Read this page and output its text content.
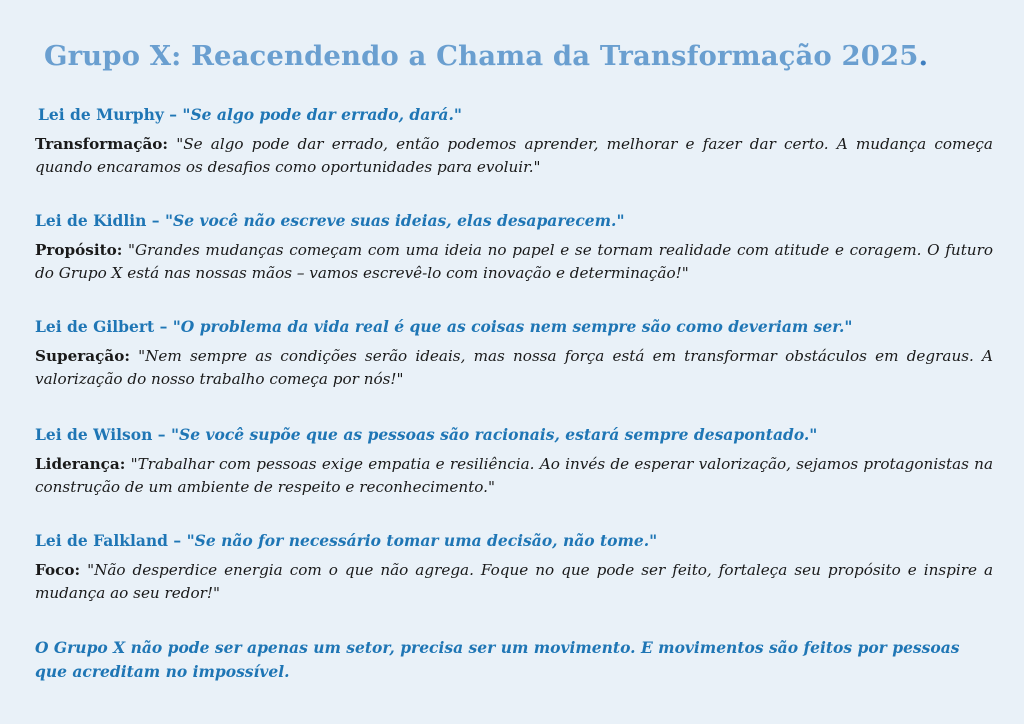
Grupo X: Reacendendo a Chama da Transformação 2025.
Lei de Murphy – "Se algo pode dar errado, dará."
Transformação: "Se algo pode dar errado, então podemos aprender, melhorar e fazer dar certo. A mudança começa quando encaramos os desafios como oportunidades para evoluir."
Lei de Kidlin – "Se você não escreve suas ideias, elas desaparecem."
Propósito: "Grandes mudanças começam com uma ideia no papel e se tornam realidade com atitude e coragem. O futuro do Grupo X está nas nossas mãos – vamos escrevê-lo com inovação e determinação!"
Lei de Gilbert – "O problema da vida real é que as coisas nem sempre são como deveriam ser."
Superação: "Nem sempre as condições serão ideais, mas nossa força está em transformar obstáculos em degraus. A valorização do nosso trabalho começa por nós!"
Lei de Wilson – "Se você supõe que as pessoas são racionais, estará sempre desapontado."
Liderança: "Trabalhar com pessoas exige empatia e resiliência. Ao invés de esperar valorização, sejamos protagonistas na construção de um ambiente de respeito e reconhecimento."
Lei de Falkland – "Se não for necessário tomar uma decisão, não tome."
Foco: "Não desperdice energia com o que não agrega. Foque no que pode ser feito, fortaleça seu propósito e inspire a mudança ao seu redor!"
O Grupo X não pode ser apenas um setor, precisa ser um movimento. E movimentos são feitos por pessoas que acreditam no impossível.
